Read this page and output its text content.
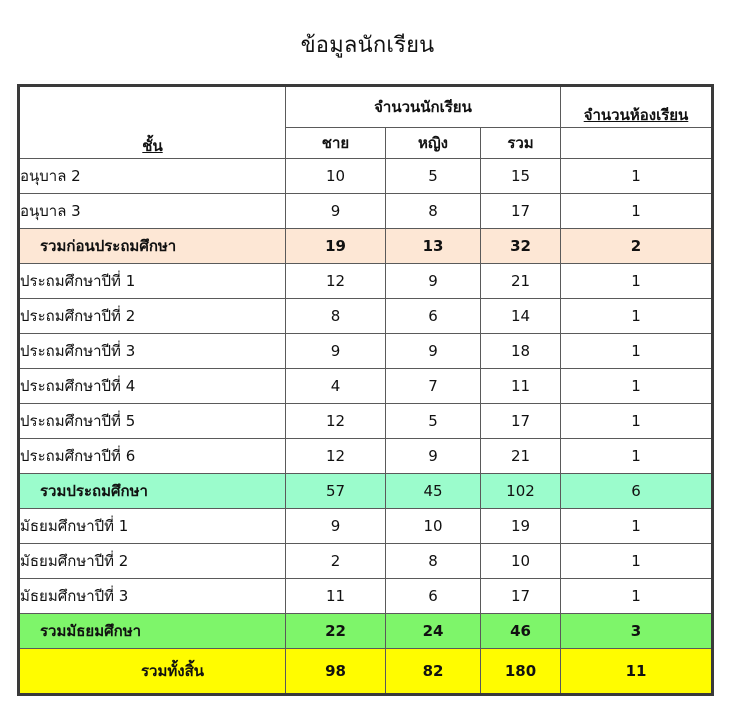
ข้อมูลนักเรียน
ชั้น	จำนวนนักเรียน			จำนวนห้องเรียน
	ชาย	หญิง	รวม	
อนุบาล 2	10	5	15	1
อนุบาล 3	9	8	17	1
รวมก่อนประถมศึกษา	19	13	32	2
ประถมศึกษาปีที่ 1	12	9	21	1
ประถมศึกษาปีที่ 2	8	6	14	1
ประถมศึกษาปีที่ 3	9	9	18	1
ประถมศึกษาปีที่ 4	4	7	11	1
ประถมศึกษาปีที่ 5	12	5	17	1
ประถมศึกษาปีที่ 6	12	9	21	1
รวมประถมศึกษา	57	45	102	6
มัธยมศึกษาปีที่ 1	9	10	19	1
มัธยมศึกษาปีที่ 2	2	8	10	1
มัธยมศึกษาปีที่ 3	11	6	17	1
รวมมัธยมศึกษา	22	24	46	3
รวมทั้งสิ้น	98	82	180	11
